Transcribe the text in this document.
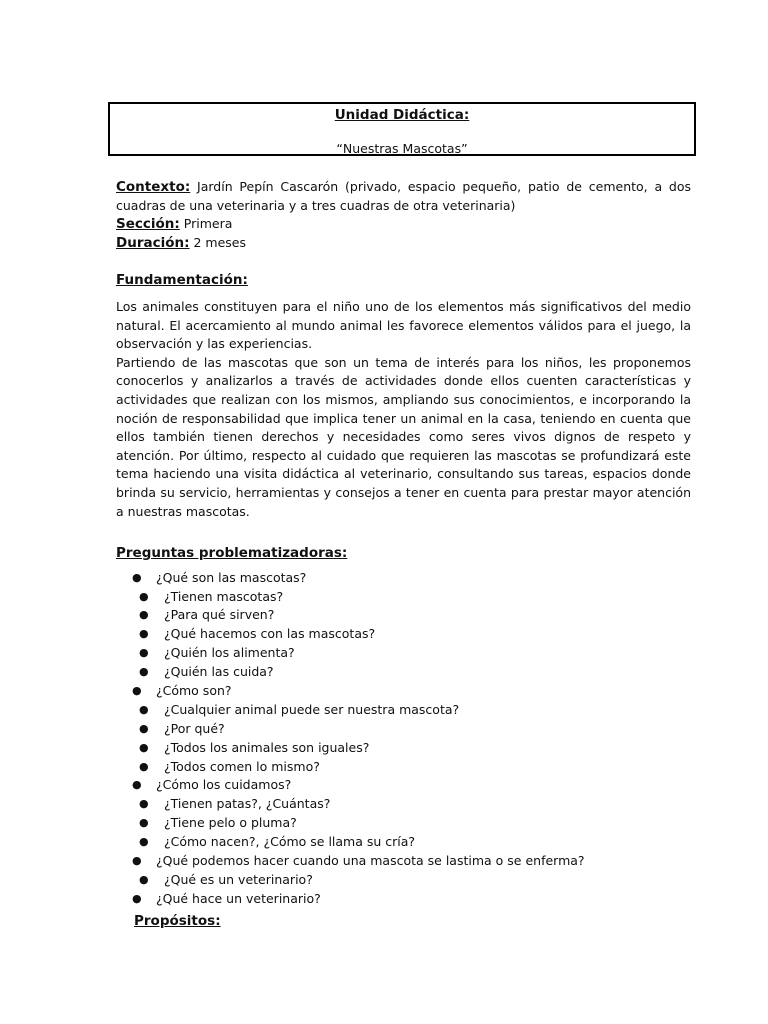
Unidad Didáctica:
“Nuestras Mascotas”

Contexto: Jardín Pepín Cascarón (privado, espacio pequeño, patio de cemento, a dos cuadras de una veterinaria y a tres cuadras de otra veterinaria)

Sección: Primera

Duración: 2 meses

Fundamentación:

Los animales constituyen para el niño uno de los elementos más significativos del medio natural. El acercamiento al mundo animal les favorece elementos válidos para el juego, la observación y las experiencias.

Partiendo de las mascotas que son un tema de interés para los niños, les proponemos conocerlos y analizarlos a través de actividades donde ellos cuenten características y actividades que realizan con los mismos, ampliando sus conocimientos, e incorporando la noción de responsabilidad que implica tener un animal en la casa, teniendo en cuenta que ellos también tienen derechos y necesidades como seres vivos dignos de respeto y atención. Por último, respecto al cuidado que requieren las mascotas se profundizará este tema haciendo una visita didáctica al veterinario, consultando sus tareas, espacios donde brinda su servicio, herramientas y consejos a tener en cuenta para prestar mayor atención a nuestras mascotas.

Preguntas problematizadoras:

● ¿Qué son las mascotas?
● ¿Tienen mascotas?
● ¿Para qué sirven?
● ¿Qué hacemos con las mascotas?
● ¿Quién los alimenta?
● ¿Quién las cuida?
● ¿Cómo son?
● ¿Cualquier animal puede ser nuestra mascota?
● ¿Por qué?
● ¿Todos los animales son iguales?
● ¿Todos comen lo mismo?
● ¿Cómo los cuidamos?
● ¿Tienen patas?, ¿Cuántas?
● ¿Tiene pelo o pluma?
● ¿Cómo nacen?, ¿Cómo se llama su cría?
● ¿Qué podemos hacer cuando una mascota se lastima o se enferma?
● ¿Qué es un veterinario?
● ¿Qué hace un veterinario?
Propósitos:
